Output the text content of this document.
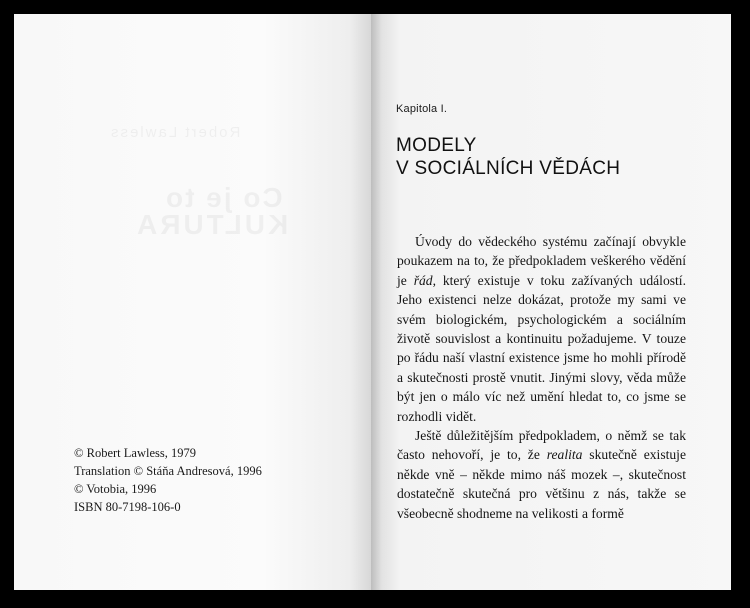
© Robert Lawless, 1979
Translation © Stáňa Andresová, 1996
© Votobia, 1996
ISBN 80-7198-106-0
Kapitola I.
MODELY
V SOCIÁLNÍCH VĚDÁCH

Úvody do vědeckého systému začínají obvykle poukazem na to, že předpokladem veškerého vědění je řád, který existuje v toku zažívaných událostí. Jeho existenci nelze dokázat, protože my sami ve svém biologickém, psychologickém a sociálním životě souvislost a kontinuitu požadujeme. V touze po řádu naší vlastní existence jsme ho mohli přírodě a skutečnosti prostě vnutit. Jinými slovy, věda může být jen o málo víc než umění hledat to, co jsme se rozhodli vidět.

Ještě důležitějším předpokladem, o němž se tak často nehovoří, je to, že realita skutečně existuje někde vně – někde mimo náš mozek –, skutečnost dostatečně skutečná pro většinu z nás, takže se všeobecně shodneme na velikosti a formě
